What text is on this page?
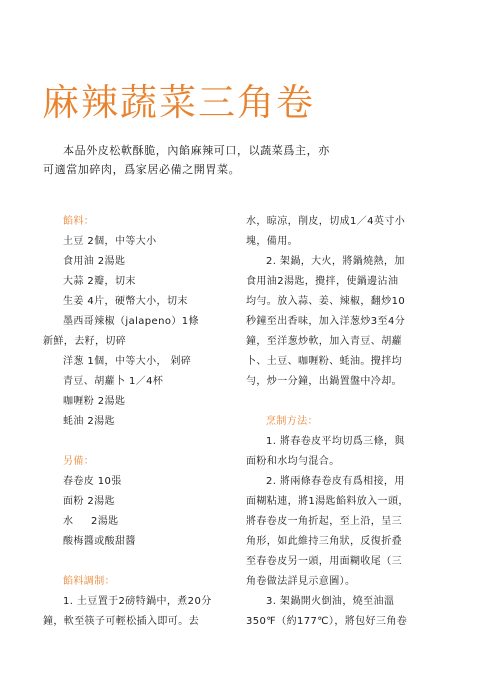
麻辣蔬菜三角卷

本品外皮松軟酥脆，內餡麻辣可口，以蔬菜爲主，亦

可適當加碎肉，爲家居必備之開胃菜。

餡料：

土豆 2個，中等大小

食用油 2湯匙

大蒜 2瓣，切末

生姜 4片，硬幣大小，切末

墨西哥辣椒（jalapeno）1條

新鮮，去籽，切碎

洋葱 1個，中等大小， 剁碎

青豆、胡蘿卜 1／4杯

咖喱粉 2湯匙

蚝油 2湯匙

另備：

春卷皮 10張

面粉 2湯匙

水 　 2湯匙

酸梅醬或酸甜醬

餡料調制：

1. 土豆置于2磅特鍋中，煮20分

鐘，軟至筷子可輕松插入即可。去

水，晾凉，削皮，切成1／4英寸小

塊，備用。

2. 架鍋，大火，將鍋燒熱，加

食用油2湯匙，攪拌，使鍋邊沾油

均勻。放入蒜、姜、辣椒，翻炒10

秒鐘至出香味，加入洋葱炒3至4分

鐘，至洋葱炒軟，加入青豆、胡蘿

卜、土豆、咖喱粉、蚝油。攪拌均

勻，炒一分鐘，出鍋置盤中冷却。

烹制方法：

1. 將春卷皮平均切爲三條，與

面粉和水均勻混合。

2. 將兩條春卷皮有爲相接，用

面糊粘連，將1湯匙餡料放入一頭，

將春卷皮一角折起，至上沿，呈三

角形，如此維持三角狀，反復折叠

至春卷皮另一頭，用面糊收尾（三

角卷做法詳見示意圖）。

3. 架鍋開火倒油，燒至油溫

350℉（約177℃），將包好三角卷
